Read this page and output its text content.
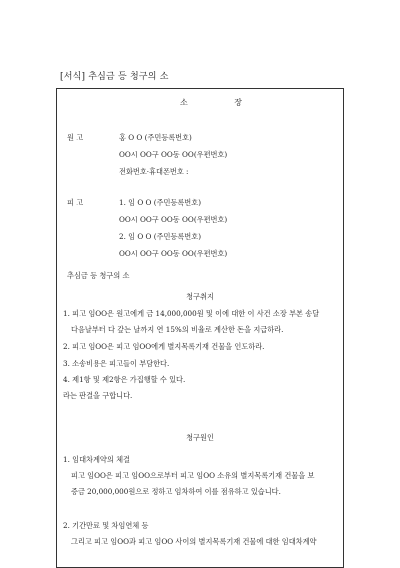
[서식] 추심금 등 청구의 소
소 장
원 고	홍 O O (주민등록번호)
OO시 OO구 OO동 OO(우편번호)
전화번호·휴대폰번호 :
피 고	1. 임 O O (주민등록번호)
OO시 OO구 OO동 OO(우편번호)
2. 임 O O (주민등록번호)
OO시 OO구 OO동 OO(우편번호)
추심금 등 청구의 소
청구취지
1. 피고 임OO은 원고에게 금 14,000,000원 및 이에 대한 이 사건 소장 부본 송달
다음날부터 다 갚는 날까지 연 15%의 비율로 계산한 돈을 지급하라.
2. 피고 임OO은 피고 임OO에게 별지목록기재 건물을 인도하라.
3. 소송비용은 피고들이 부담한다.
4. 제1항 및 제2항은 가집행할 수 있다.
라는 판결을 구합니다.
청구원인
1. 임대차계약의 체결
피고 임OO은 피고 임OO으로부터 피고 임OO 소유의 별지목록기재 건물을 보
증금 20,000,000원으로 정하고 임차하여 이를 점유하고 있습니다.
2. 기간만료 및 차임연체 등
그리고 피고 임OO과 피고 임OO 사이의 별지목록기재 건물에 대한 임대차계약
